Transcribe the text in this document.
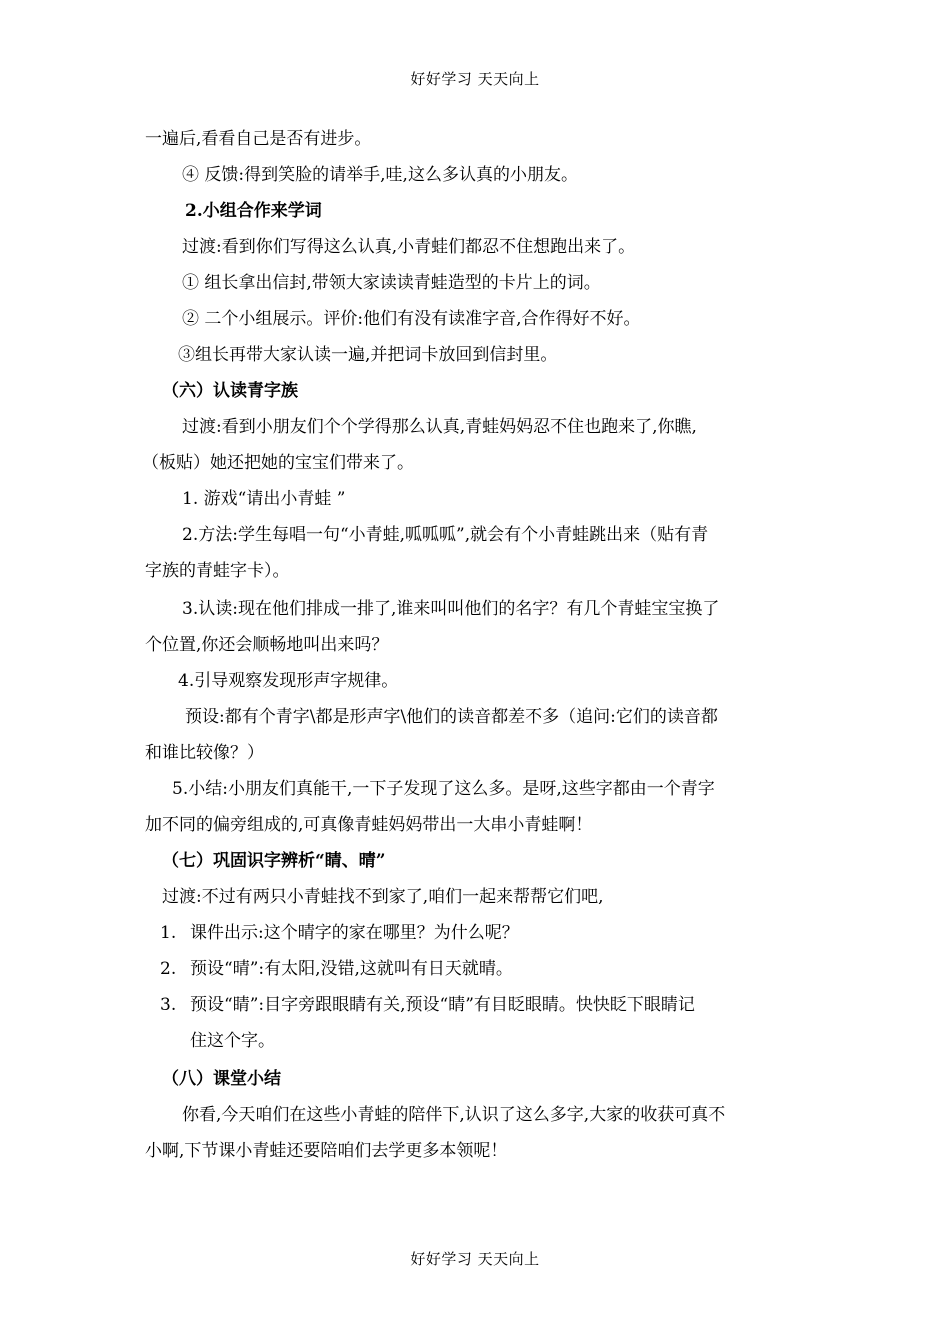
好好学习 天天向上
一遍后,看看自己是否有进步。
④ 反馈:得到笑脸的请举手,哇,这么多认真的小朋友。
2.小组合作来学词
过渡:看到你们写得这么认真,小青蛙们都忍不住想跑出来了。
① 组长拿出信封,带领大家读读青蛙造型的卡片上的词。
② 二个小组展示。评价:他们有没有读准字音,合作得好不好。
③组长再带大家认读一遍,并把词卡放回到信封里。
（六）认读青字族
过渡:看到小朋友们个个学得那么认真,青蛙妈妈忍不住也跑来了,你瞧,
（板贴）她还把她的宝宝们带来了。
1. 游戏“请出小青蛙 ”
2.方法:学生每唱一句“小青蛙,呱呱呱”,就会有个小青蛙跳出来（贴有青
字族的青蛙字卡）。
3.认读:现在他们排成一排了,谁来叫叫他们的名字？有几个青蛙宝宝换了
个位置,你还会顺畅地叫出来吗？
4.引导观察发现形声字规律。
预设:都有个青字\都是形声字\他们的读音都差不多（追问:它们的读音都
和谁比较像？）
5.小结:小朋友们真能干,一下子发现了这么多。是呀,这些字都由一个青字
加不同的偏旁组成的,可真像青蛙妈妈带出一大串小青蛙啊！
（七）巩固识字辨析“睛、晴”
过渡:不过有两只小青蛙找不到家了,咱们一起来帮帮它们吧,
1. 课件出示:这个晴字的家在哪里？为什么呢？
2. 预设“晴”:有太阳,没错,这就叫有日天就晴。
3. 预设“睛”:目字旁跟眼睛有关,预设“睛”有目眨眼睛。快快眨下眼睛记
住这个字。
（八）课堂小结
你看,今天咱们在这些小青蛙的陪伴下,认识了这么多字,大家的收获可真不
小啊,下节课小青蛙还要陪咱们去学更多本领呢！
好好学习 天天向上
